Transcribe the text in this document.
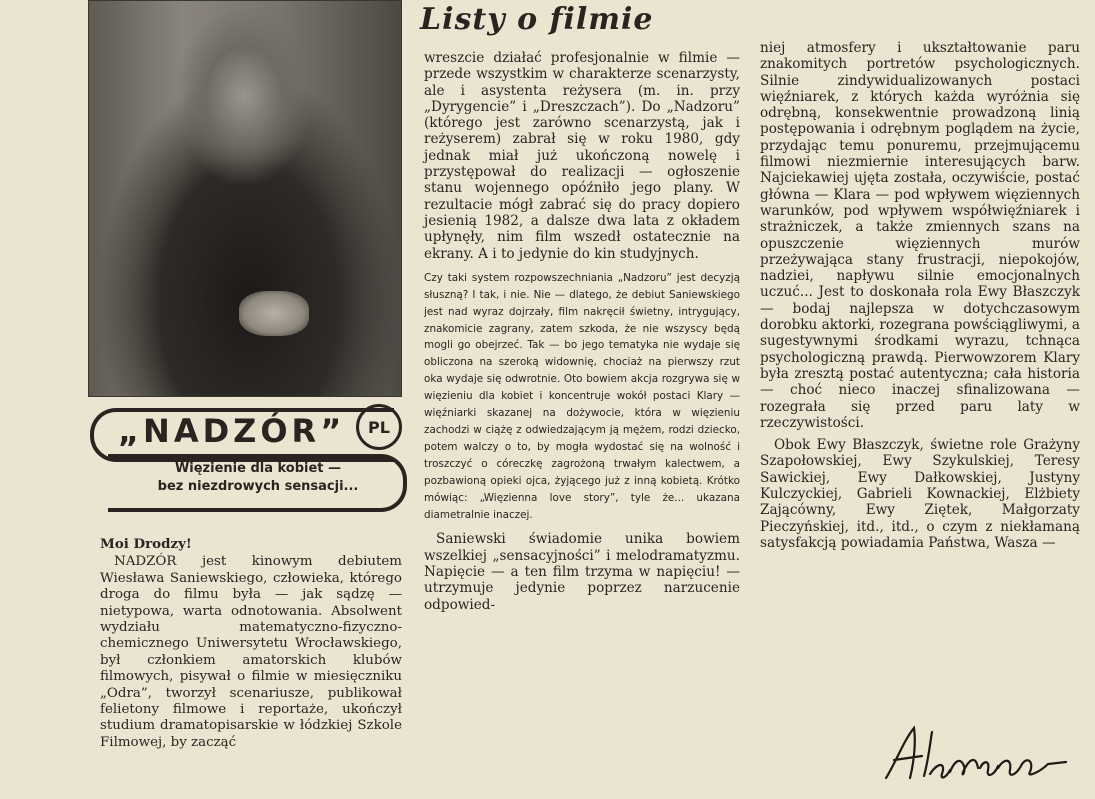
Listy o filmie
„NADZÓR”	PL
Więzienie dla kobiet —
bez niezdrowych sensacji...

Moi Drodzy!

NADZÓR jest kinowym debiutem Wiesława Saniewskiego, człowieka, którego droga do filmu była — jak sądzę — nietypowa, warta odnotowania. Absolwent wydziału matematyczno-fizyczno-chemicznego Uniwersytetu Wrocławskiego, był członkiem amatorskich klubów filmowych, pisywał o filmie w miesięczniku „Odra”, tworzył scenariusze, publikował felietony filmowe i reportaże, ukończył studium dramatopisarskie w łódzkiej Szkole Filmowej, by zacząć

wreszcie działać profesjonalnie w filmie — przede wszystkim w charakterze scenarzysty, ale i asystenta reżysera (m. in. przy „Dyrygencie” i „Dreszczach”). Do „Nadzoru” (którego jest zarówno scenarzystą, jak i reżyserem) zabrał się w roku 1980, gdy jednak miał już ukończoną nowelę i przystępował do realizacji — ogłoszenie stanu wojennego opóźniło jego plany. W rezultacie mógł zabrać się do pracy dopiero jesienią 1982, a dalsze dwa lata z okładem upłynęły, nim film wszedł ostatecznie na ekrany. A i to jedynie do kin studyjnych.

Czy taki system rozpowszechniania „Nadzoru” jest decyzją słuszną? I tak, i nie. Nie — dlatego, że debiut Saniewskiego jest nad wyraz dojrzały, film nakręcił świetny, intrygujący, znakomicie zagrany, zatem szkoda, że nie wszyscy będą mogli go obejrzeć. Tak — bo jego tematyka nie wydaje się obliczona na szeroką widownię, chociaż na pierwszy rzut oka wydaje się odwrotnie. Oto bowiem akcja rozgrywa się w więzieniu dla kobiet i koncentruje wokół postaci Klary — więźniarki skazanej na dożywocie, która w więzieniu zachodzi w ciążę z odwiedzającym ją mężem, rodzi dziecko, potem walczy o to, by mogła wydostać się na wolność i troszczyć o córeczkę zagrożoną trwałym kalectwem, a pozbawioną opieki ojca, żyjącego już z inną kobietą. Krótko mówiąc: „Więzienna love story”, tyle że... ukazana diametralnie inaczej.

Saniewski świadomie unika bowiem wszelkiej „sensacyjności” i melodramatyzmu. Napięcie — a ten film trzyma w napięciu! — utrzymuje jedynie poprzez narzucenie odpowied-

niej atmosfery i ukształtowanie paru znakomitych portretów psychologicznych. Silnie zindywidualizowanych postaci więźniarek, z których każda wyróżnia się odrębną, konsekwentnie prowadzoną linią postępowania i odrębnym poglądem na życie, przydając temu ponuremu, przejmującemu filmowi niezmiernie interesujących barw. Najciekawiej ujęta została, oczywiście, postać główna — Klara — pod wpływem więziennych warunków, pod wpływem współwięźniarek i strażniczek, a także zmiennych szans na opuszczenie więziennych murów przeżywająca stany frustracji, niepokojów, nadziei, napływu silnie emocjonalnych uczuć... Jest to doskonała rola Ewy Błaszczyk — bodaj najlepsza w dotychczasowym dorobku aktorki, rozegrana powściągliwymi, a sugestywnymi środkami wyrazu, tchnąca psychologiczną prawdą. Pierwowzorem Klary była zresztą postać autentyczna; cała historia — choć nieco inaczej sfinalizowana — rozegrała się przed paru laty w rzeczywistości.

Obok Ewy Błaszczyk, świetne role Grażyny Szapołowskiej, Ewy Szykulskiej, Teresy Sawickiej, Ewy Dałkowskiej, Justyny Kulczyckiej, Gabrieli Kownackiej, Elżbiety Zającówny, Ewy Ziętek, Małgorzaty Pieczyńskiej, itd., itd., o czym z niekłamaną satysfakcją powiadamia Państwa, Wasza —
